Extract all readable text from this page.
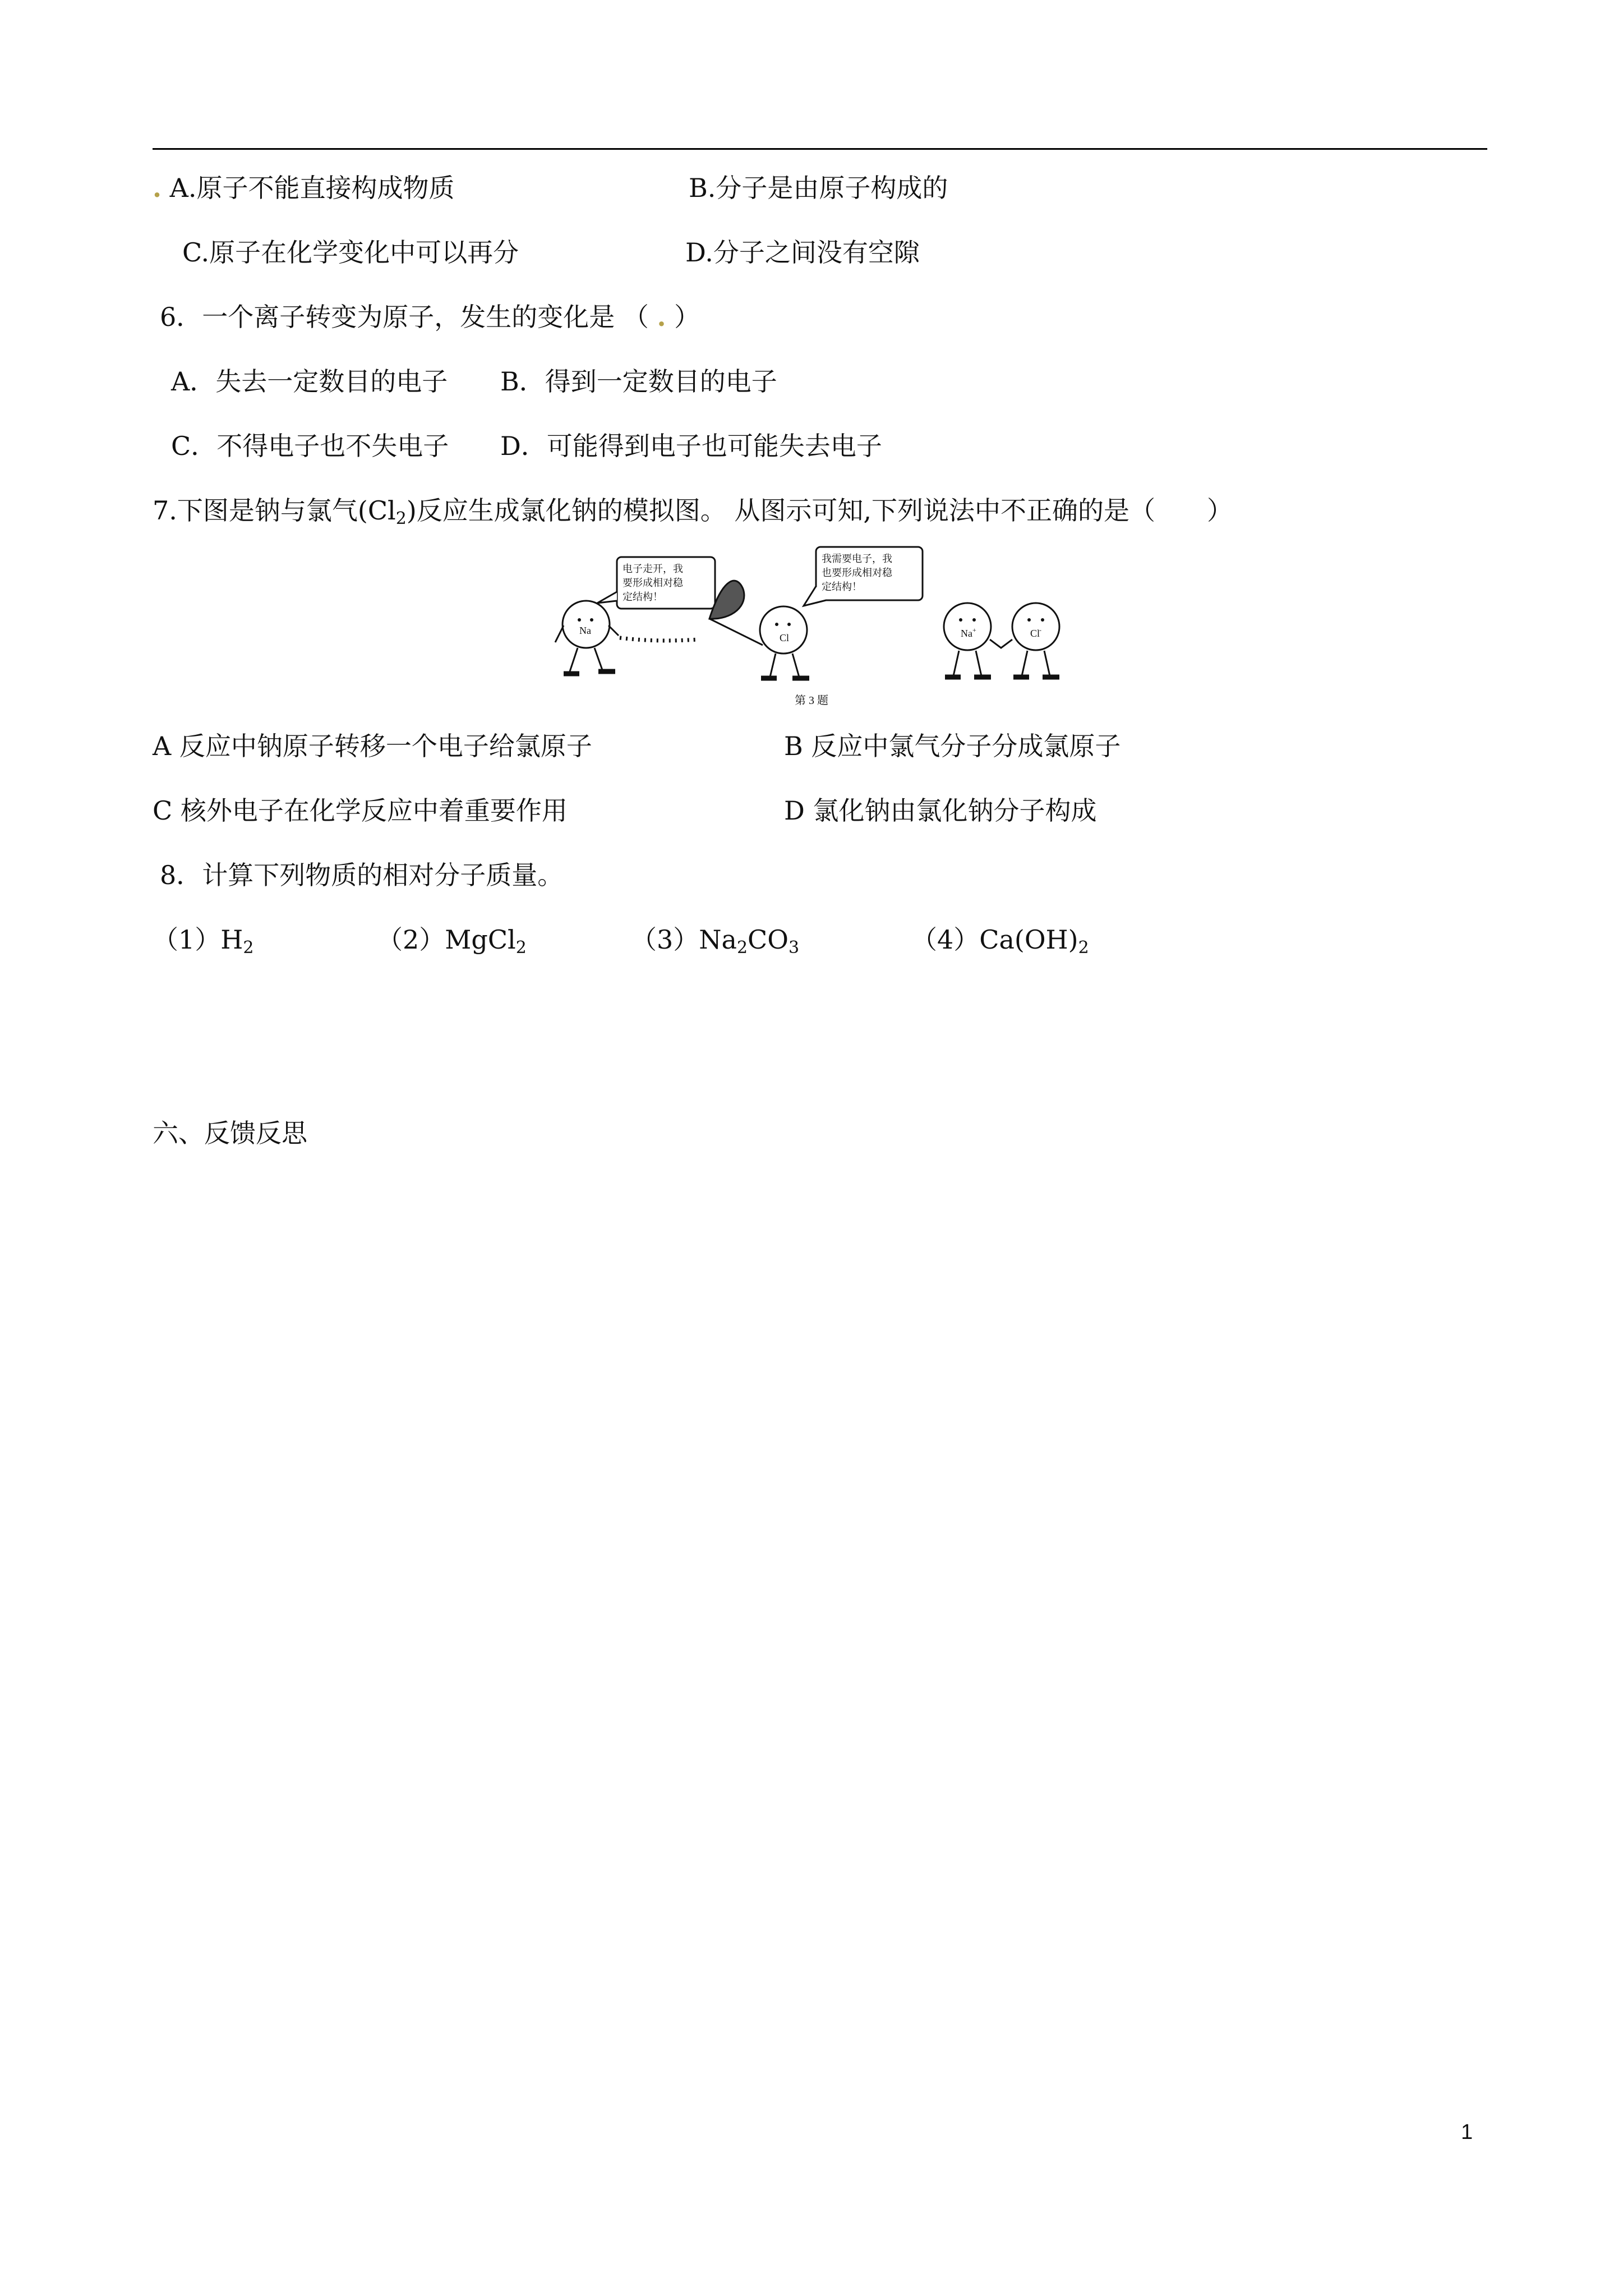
. A.原子不能直接构成物质	B.分子是由原子构成的
C.原子在化学变化中可以再分	D.分子之间没有空隙
6．一个离子转变为原子，发生的变化是 （ . ）
A．失去一定数目的电子 B．得到一定数目的电子
C．不得电子也不失电子 D．可能得到电子也可能失去电子
7.下图是钠与氯气$(Cl_2)$反应生成氯化钠的模拟图。 从图示可知,下列说法中不正确的是（　　）
电子走开，我
要形成相对稳
定结构！
我需要电子，我
也要形成相对稳
定结构！
Na
Cl	Na +	Cl
-
第 3 题
A 反应中钠原子转移一个电子给氯原子	B 反应中氯气分子分成氯原子
C 核外电子在化学反应中着重要作用	D 氯化钠由氯化钠分子构成
8．计算下列物质的相对分子质量。
$(1)H_2$	（2）MgCl$_2$	$(3)Na_2CO_3$	$(4)Ca(OH)_2$
六、反馈反思
1
